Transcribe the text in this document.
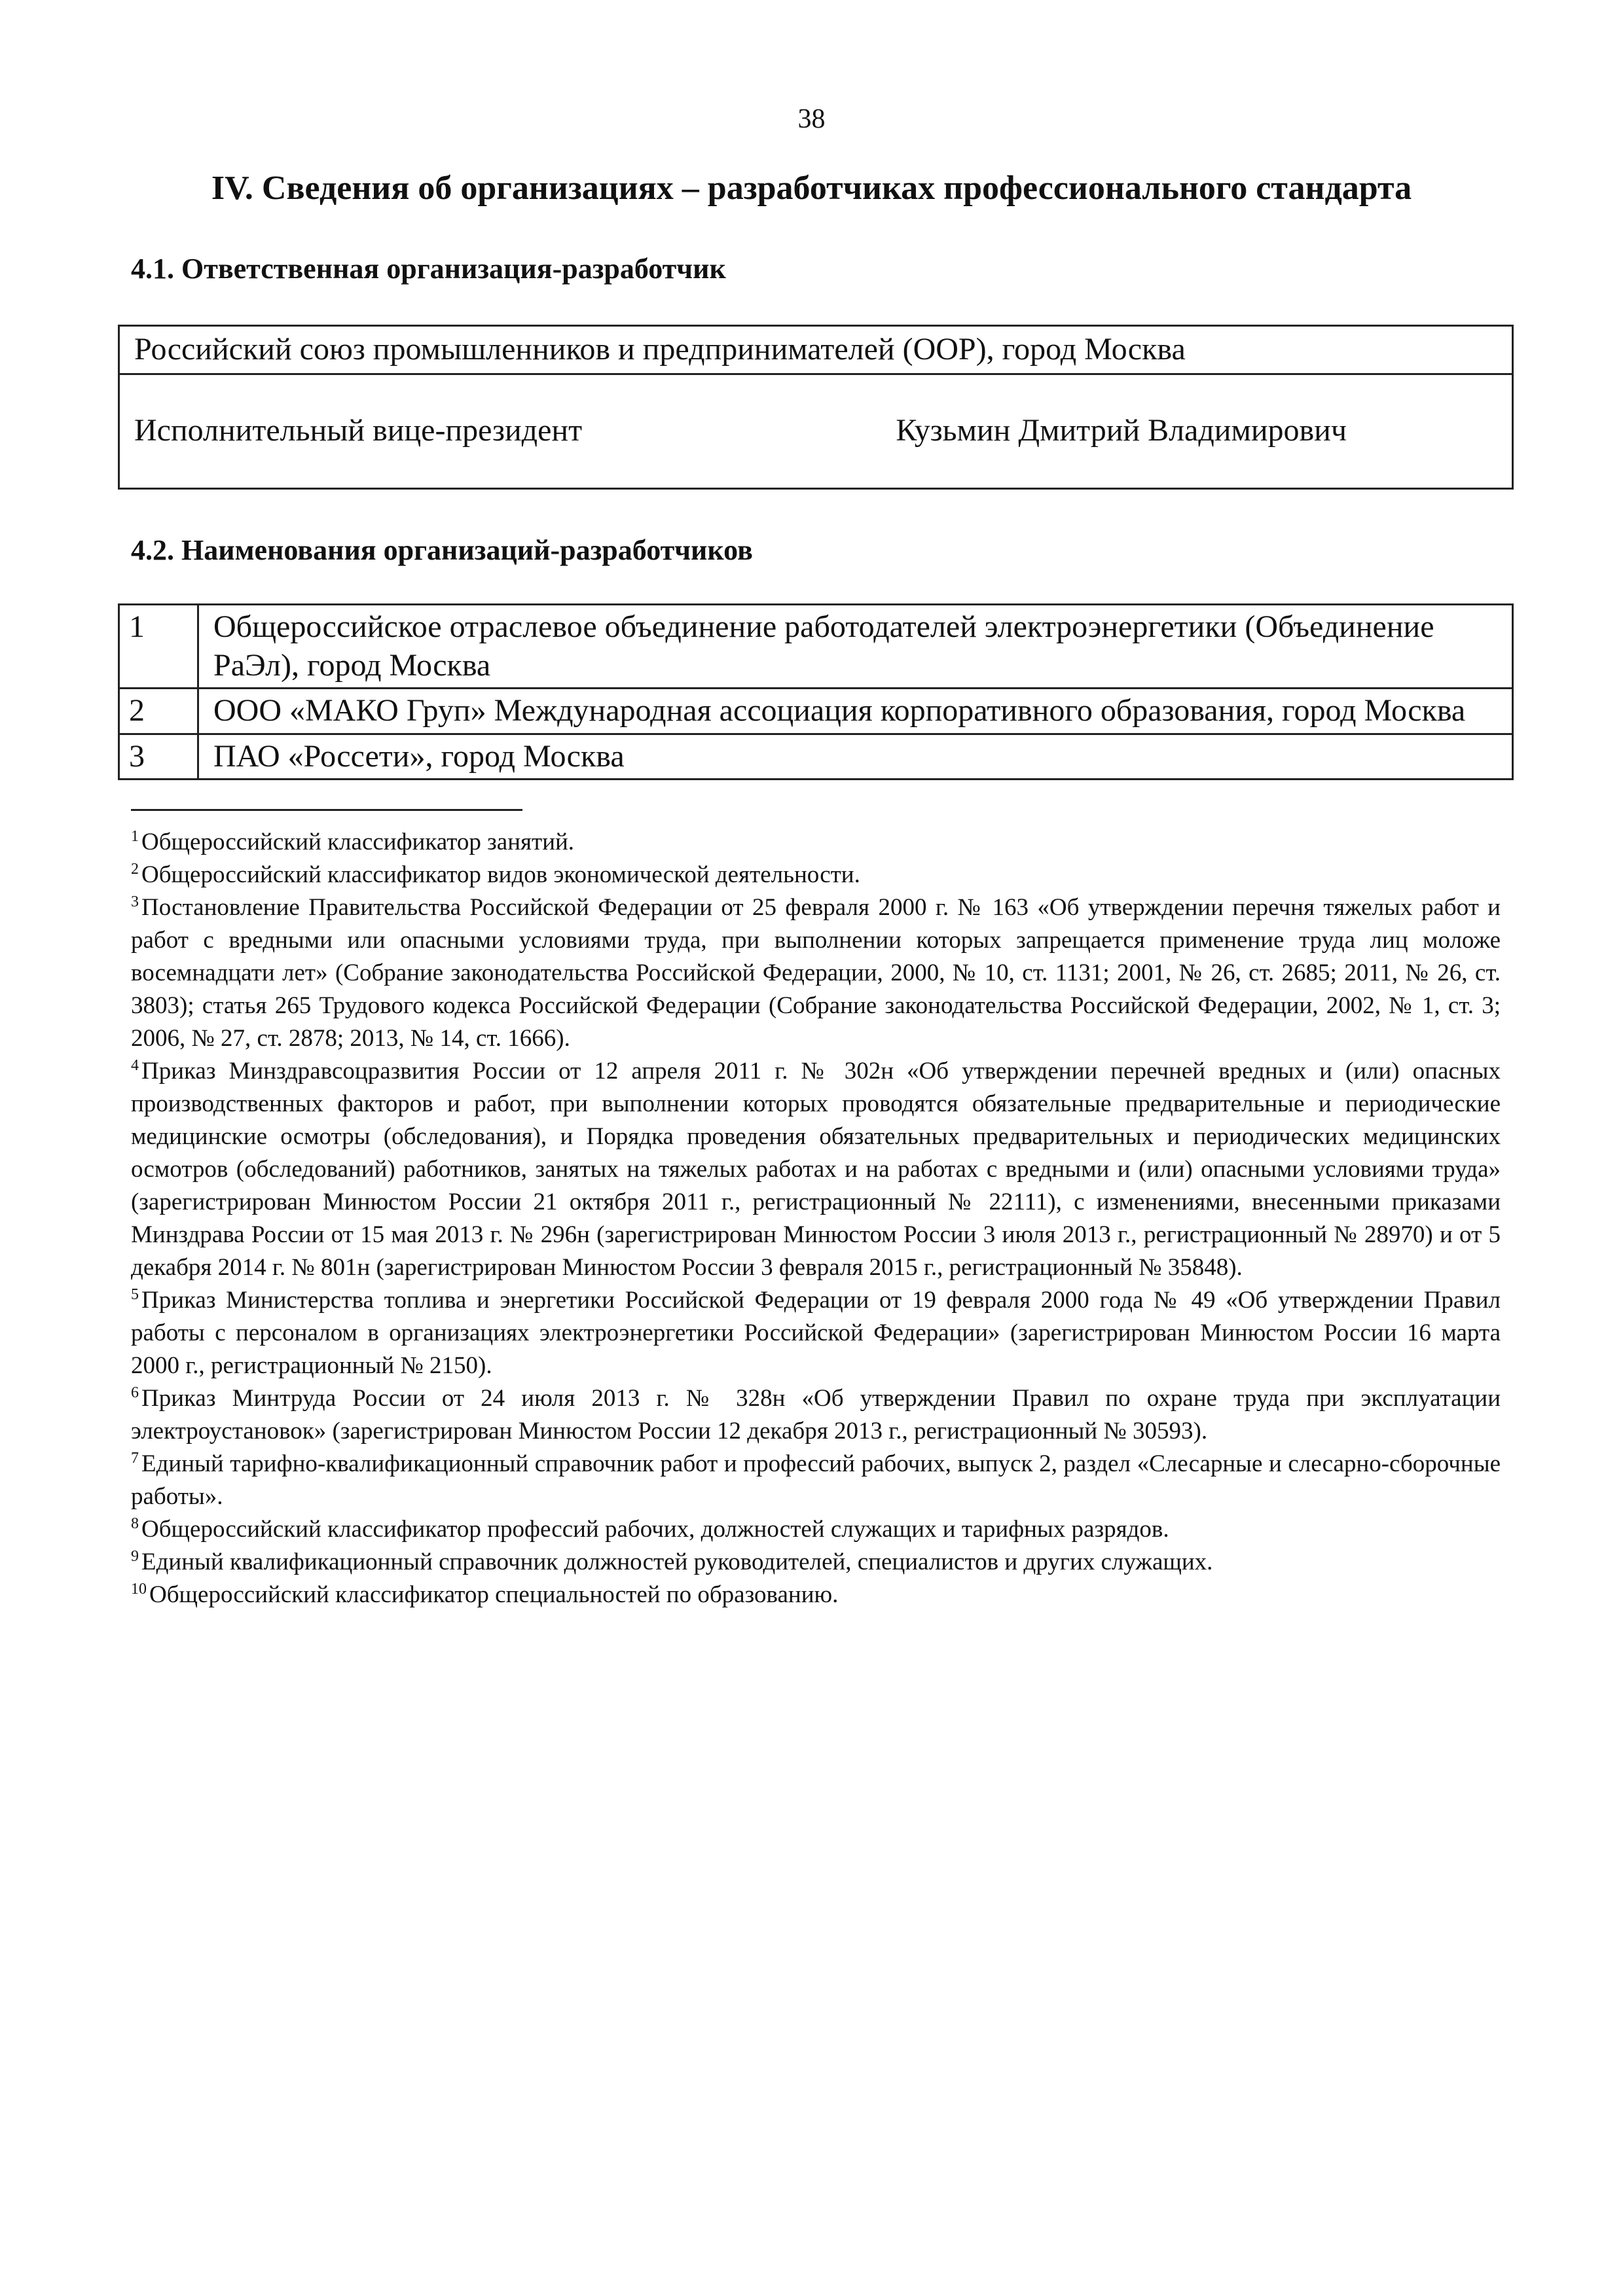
38
IV. Сведения об организациях – разработчиках профессионального стандарта
4.1. Ответственная организация-разработчик
Российский союз промышленников и предпринимателей (ООР), город Москва

Исполнительный вице-президент	Кузьмин Дмитрий Владимирович
4.2. Наименования организаций-разработчиков
1	Общероссийское отраслевое объединение работодателей электроэнергетики (Объединение РаЭл), город Москва
2	ООО «МАКО Груп» Международная ассоциация корпоративного образования, город Москва
3	ПАО «Россети», город Москва

$^1$ Общероссийский классификатор занятий.

$^2$ Общероссийский классификатор видов экономической деятельности.

$^3$ Постановление Правительства Российской Федерации от 25 февраля 2000 г. № 163 «Об утверждении перечня тяжелых работ и работ с вредными или опасными условиями труда, при выполнении которых запрещается применение труда лиц моложе восемнадцати лет» (Собрание законодательства Российской Федерации, 2000, № 10, ст. 1131; 2001, № 26, ст. 2685; 2011, № 26, ст. 3803); статья 265 Трудового кодекса Российской Федерации (Собрание законодательства Российской Федерации, 2002, № 1, ст. 3; 2006, № 27, ст. 2878; 2013, № 14, ст. 1666).

$^4$ Приказ Минздравсоцразвития России от 12 апреля 2011 г. № 302н «Об утверждении перечней вредных и (или) опасных производственных факторов и работ, при выполнении которых проводятся обязательные предварительные и периодические медицинские осмотры (обследования), и Порядка проведения обязательных предварительных и периодических медицинских осмотров (обследований) работников, занятых на тяжелых работах и на работах с вредными и (или) опасными условиями труда» (зарегистрирован Минюстом России 21 октября 2011 г., регистрационный № 22111), с изменениями, внесенными приказами Минздрава России от 15 мая 2013 г. № 296н (зарегистрирован Минюстом России 3 июля 2013 г., регистрационный № 28970) и от 5 декабря 2014 г. № 801н (зарегистрирован Минюстом России 3 февраля 2015 г., регистрационный № 35848).

$^5$ Приказ Министерства топлива и энергетики Российской Федерации от 19 февраля 2000 года № 49 «Об утверждении Правил работы с персоналом в организациях электроэнергетики Российской Федерации» (зарегистрирован Минюстом России 16 марта 2000 г., регистрационный № 2150).

$^6$ Приказ Минтруда России от 24 июля 2013 г. № 328н «Об утверждении Правил по охране труда при эксплуатации электроустановок» (зарегистрирован Минюстом России 12 декабря 2013 г., регистрационный № 30593).

$^7$ Единый тарифно-квалификационный справочник работ и профессий рабочих, выпуск 2, раздел «Слесарные и слесарно-сборочные работы».

$^8$ Общероссийский классификатор профессий рабочих, должностей служащих и тарифных разрядов.

$^9$ Единый квалификационный справочник должностей руководителей, специалистов и других служащих.

$^{10}$ Общероссийский классификатор специальностей по образованию.
